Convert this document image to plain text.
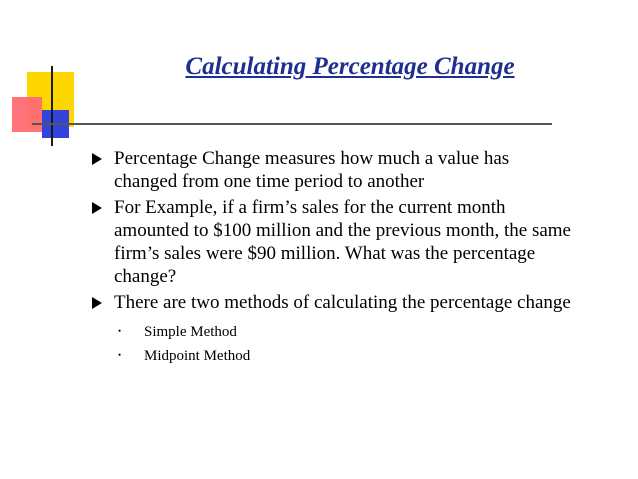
Calculating Percentage Change
Percentage Change measures how much a value has changed from one time period to another
For Example, if a firm’s sales for the current month amounted to $100 million and the previous month, the same firm’s sales were $90 million. What was the percentage change?
There are two methods of calculating the percentage change
• Simple Method
• Midpoint Method
